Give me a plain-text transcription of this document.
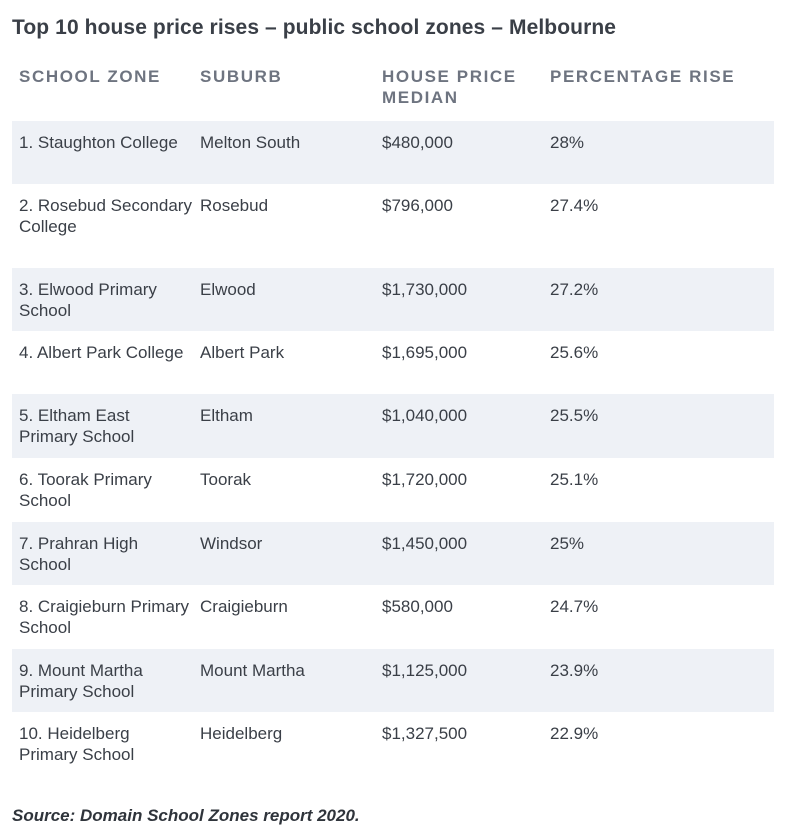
Top 10 house price rises – public school zones – Melbourne
SCHOOL ZONE	SUBURB	HOUSE PRICE MEDIAN	PERCENTAGE RISE
1. Staughton College	Melton South	$480,000	28%
2. Rosebud Secondary College	Rosebud	$796,000	27.4%
3. Elwood Primary School	Elwood	$1,730,000	27.2%
4. Albert Park College	Albert Park	$1,695,000	25.6%
5. Eltham East Primary School	Eltham	$1,040,000	25.5%
6. Toorak Primary School	Toorak	$1,720,000	25.1%
7. Prahran High School	Windsor	$1,450,000	25%
8. Craigieburn Primary School	Craigieburn	$580,000	24.7%
9. Mount Martha Primary School	Mount Martha	$1,125,000	23.9%
10. Heidelberg Primary School	Heidelberg	$1,327,500	22.9%
Source: Domain School Zones report 2020.
